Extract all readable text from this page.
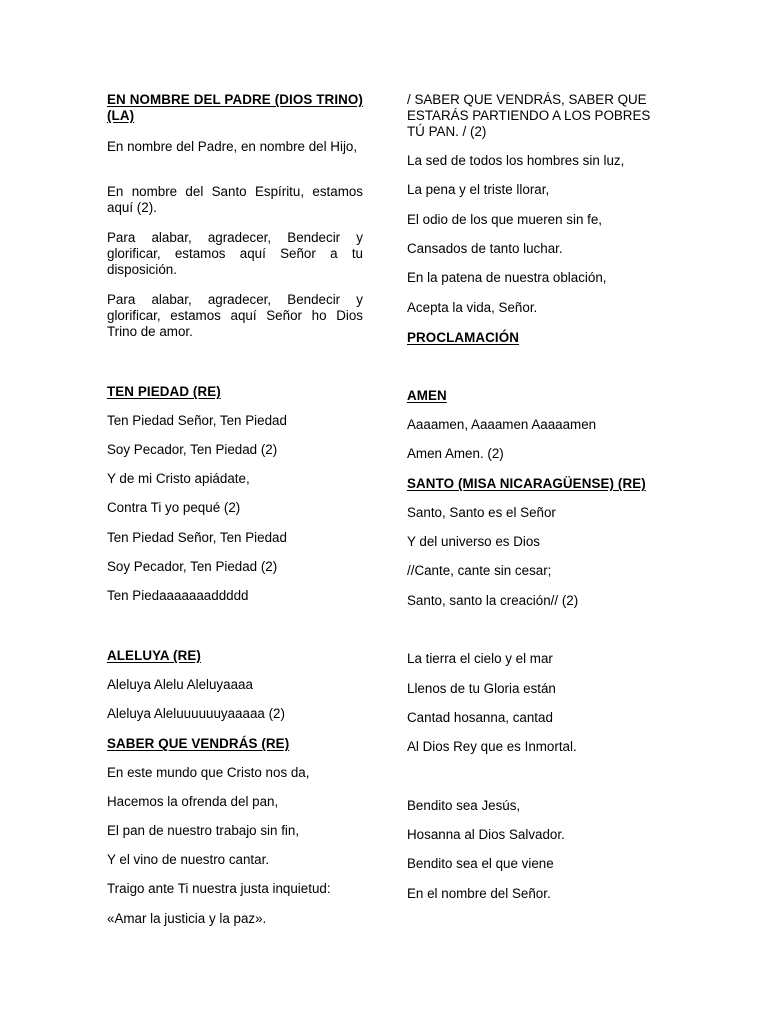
EN NOMBRE DEL PADRE (DIOS TRINO) (LA)
En nombre del Padre, en nombre del Hijo,
En nombre del Santo Espíritu, estamos aquí (2).
Para alabar, agradecer, Bendecir y glorificar, estamos aquí Señor a tu disposición.
Para alabar, agradecer, Bendecir y glorificar, estamos aquí Señor ho Dios Trino de amor.
TEN PIEDAD (RE)
Ten Piedad Señor, Ten Piedad
Soy Pecador, Ten Piedad (2)
Y de mi Cristo apiádate,
Contra Ti yo pequé (2)
Ten Piedad Señor, Ten Piedad
Soy Pecador, Ten Piedad (2)
Ten Piedaaaaaaaddddd
ALELUYA (RE)
Aleluya Alelu Aleluyaaaa
Aleluya Aleluuuuuuyaaaaa (2)
SABER QUE VENDRÁS (RE)
En este mundo que Cristo nos da,
Hacemos la ofrenda del pan,
El pan de nuestro trabajo sin fin,
Y el vino de nuestro cantar.
Traigo ante Ti nuestra justa inquietud:
«Amar la justicia y la paz».
/ SABER QUE VENDRÁS, SABER QUE ESTARÁS PARTIENDO A LOS POBRES TÚ PAN. / (2)
La sed de todos los hombres sin luz,
La pena y el triste llorar,
El odio de los que mueren sin fe,
Cansados de tanto luchar.
En la patena de nuestra oblación,
Acepta la vida, Señor.
PROCLAMACIÓN
AMEN
Aaaamen, Aaaamen Aaaaamen
Amen Amen. (2)
SANTO (MISA NICARAGÜENSE) (RE)
Santo, Santo es el Señor
Y del universo es Dios
//Cante, cante sin cesar;
Santo, santo la creación// (2)
La tierra el cielo y el mar
Llenos de tu Gloria están
Cantad hosanna, cantad
Al Dios Rey que es Inmortal.
Bendito sea Jesús,
Hosanna al Dios Salvador.
Bendito sea el que viene
En el nombre del Señor.
